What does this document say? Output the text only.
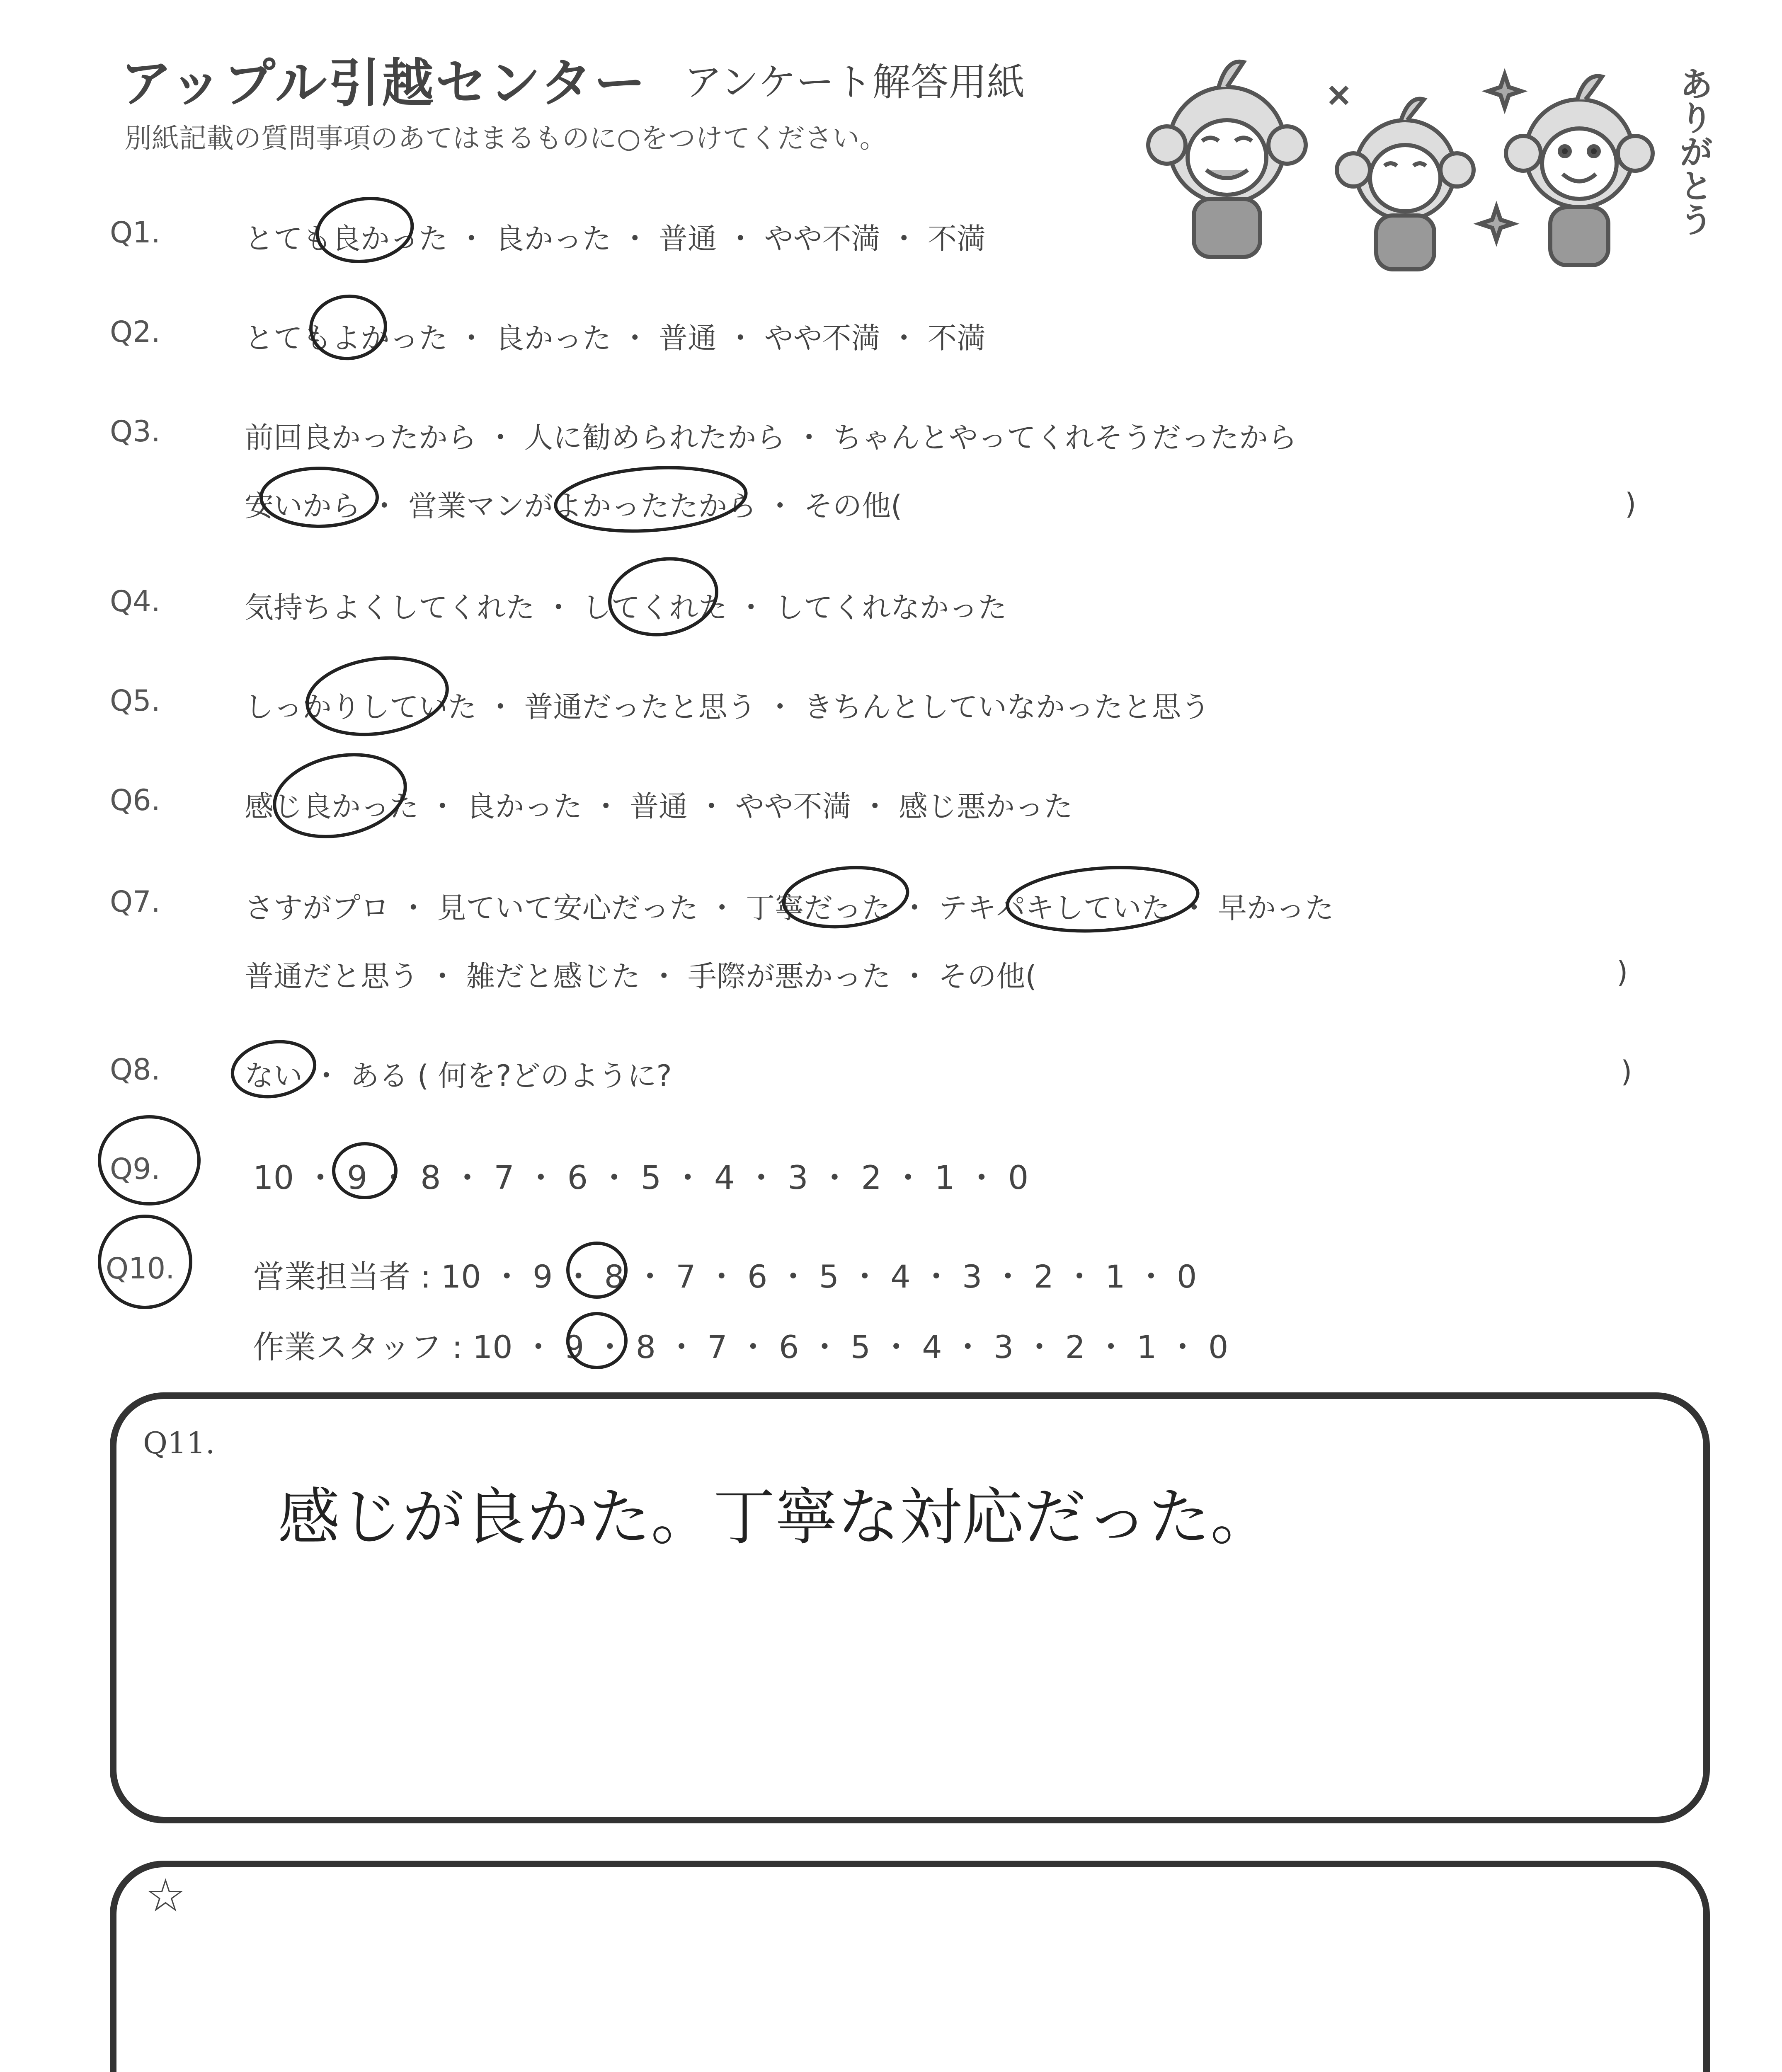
アップル引越センター アンケート解答用紙
別紙記載の質問事項のあてはまるものに○をつけてください。	ありがとう
Q1.	とても良かった ・ 良かった ・ 普通 ・ やや不満 ・ 不満
Q2.	とてもよかった ・ 良かった ・ 普通 ・ やや不満 ・ 不満
Q3.	前回良かったから ・ 人に勧められたから ・ ちゃんとやってくれそうだったから
安いから ・ 営業マンがよかったたから ・ その他(	)
Q4.	気持ちよくしてくれた ・ してくれた ・ してくれなかった
Q5.	しっかりしていた ・ 普通だったと思う ・ きちんとしていなかったと思う
Q6.	感じ良かった ・ 良かった ・ 普通 ・ やや不満 ・ 感じ悪かった
Q7.	さすがプロ ・ 見ていて安心だった ・ 丁寧だった ・ テキパキしていた ・ 早かった
普通だと思う ・ 雑だと感じた ・ 手際が悪かった ・ その他(	)
Q8.	ない ・ ある ( 何を?どのように?	)
Q9.	10 ・ 9 ・ 8 ・ 7 ・ 6 ・ 5 ・ 4 ・ 3 ・ 2 ・ 1 ・ 0
Q10. 営業担当者 : 10 ・ 9 ・ 8 ・ 7 ・ 6 ・ 5 ・ 4 ・ 3 ・ 2 ・ 1 ・ 0
作業スタッフ : 10 ・ 9 ・ 8 ・ 7 ・ 6 ・ 5 ・ 4 ・ 3 ・ 2 ・ 1 ・ 0
Q11.
感じが良かた。丁寧な対応だった。
☆
